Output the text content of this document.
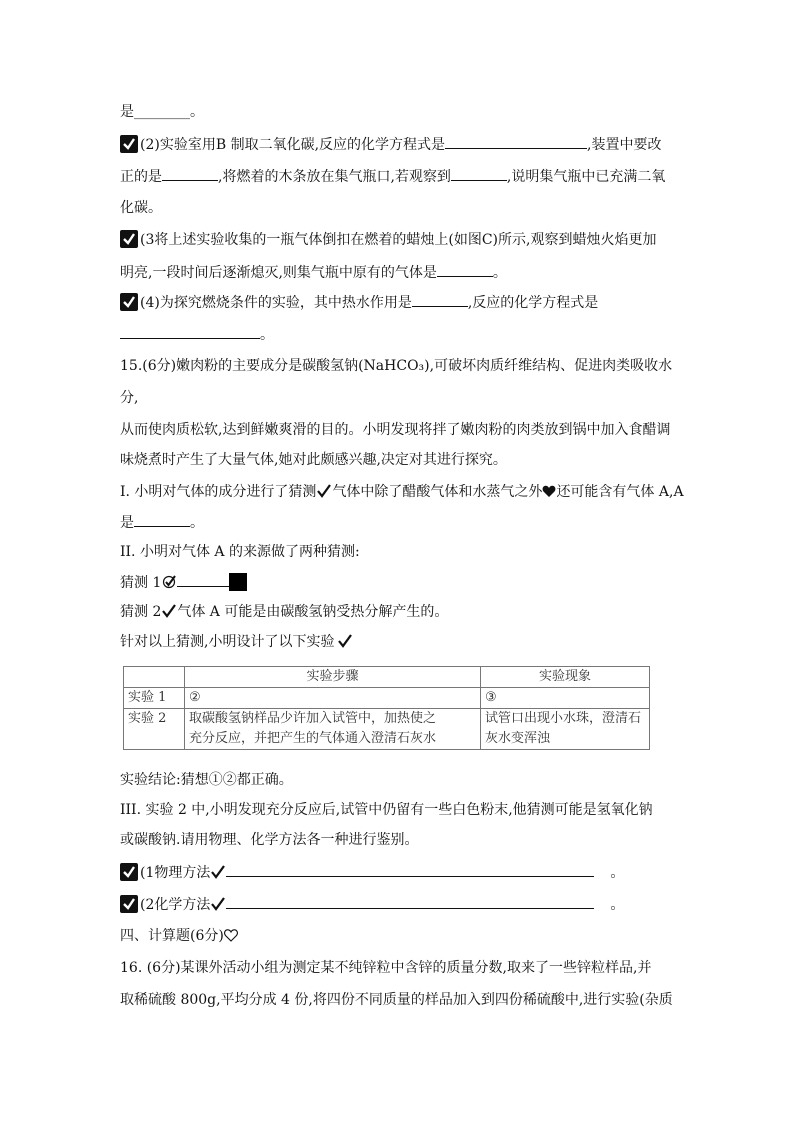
是________。
(2)实验室用B 制取二氧化碳,反应的化学方程式是	,装置中要改
正的是	,将燃着的木条放在集气瓶口,若观察到	,说明集气瓶中已充满二氧
化碳。
(3将上述实验收集的一瓶气体倒扣在燃着的蜡烛上(如图C)所示,观察到蜡烛火焰更加
明亮,一段时间后逐渐熄灭,则集气瓶中原有的气体是	。
(4)为探究燃烧条件的实验，其中热水作用是	,反应的化学方程式是
。
15.(6分)嫩肉粉的主要成分是碳酸氢钠(NaHCO₃),可破坏肉质纤维结构、促进肉类吸收水
分,
从而使肉质松软,达到鲜嫩爽滑的目的。小明发现将拌了嫩肉粉的肉类放到锅中加入食醋调
味烧煮时产生了大量气体,她对此颇感兴趣,决定对其进行探究。
I. 小明对气体的成分进行了猜测 气体中除了醋酸气体和水蒸气之外 还可能含有气体 A,A
是	。
II. 小明对气体 A 的来源做了两种猜测:
猜测 1
猜测 2 气体 A 可能是由碳酸氢钠受热分解产生的。
针对以上猜测,小明设计了以下实验
	实验步骤	实验现象
实验 1	②	③
实验 2	取碳酸氢钠样品少许加入试管中，加热使之
充分反应，并把产生的气体通入澄清石灰水	试管口出现小水珠，澄清石
灰水变浑浊
实验结论:猜想①②都正确。
III. 实验 2 中,小明发现充分反应后,试管中仍留有一些白色粉末,他猜测可能是氢氧化钠
或碳酸钠.请用物理、化学方法各一种进行鉴别。
(1物理方法	。
(2化学方法	。
四、计算题(6分)
16. (6分)某课外活动小组为测定某不纯锌粒中含锌的质量分数,取来了一些锌粒样品,并
取稀硫酸 800g,平均分成 4 份,将四份不同质量的样品加入到四份稀硫酸中,进行实验(杂质
